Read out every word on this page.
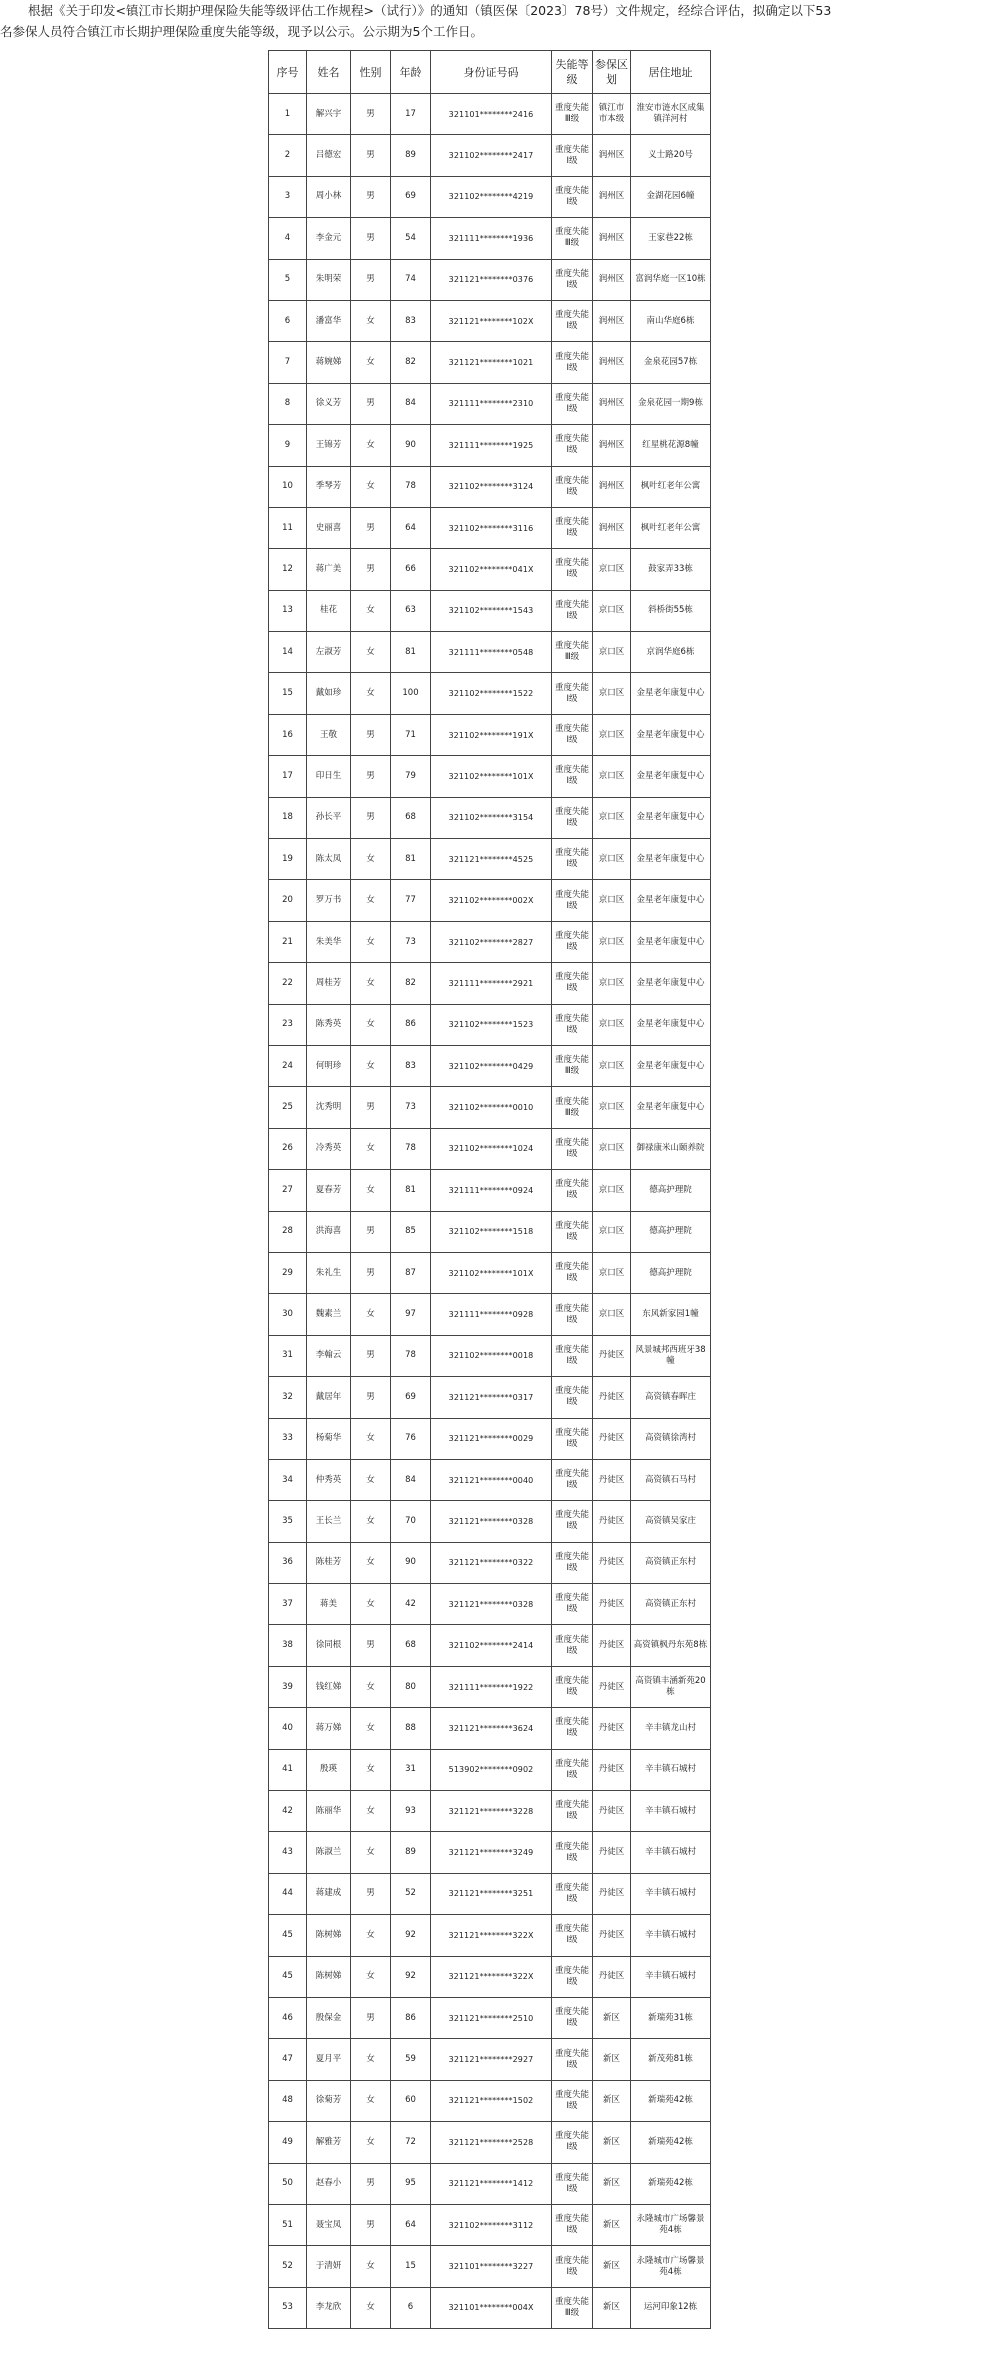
根据《关于印发<镇江市长期护理保险失能等级评估工作规程>（试行）》的通知（镇医保〔2023〕78号）文件规定，经综合评估，拟确定以下53

名参保人员符合镇江市长期护理保险重度失能等级，现予以公示。公示期为5个工作日。

序号	姓名	性别	年龄	身份证号码	失能等级	参保区划	居住地址
1	解兴宇	男	17	321101********2416	重度失能Ⅲ级	镇江市市本级	淮安市涟水区成集镇洋河村
2	吕德宏	男	89	321102********2417	重度失能Ⅰ级	润州区	义士路20号
3	周小林	男	69	321102********4219	重度失能Ⅰ级	润州区	金湖花园6幢
4	李金元	男	54	321111********1936	重度失能Ⅲ级	润州区	王家巷22栋
5	朱明荣	男	74	321121********0376	重度失能Ⅰ级	润州区	富润华庭一区10栋
6	潘富华	女	83	321121********102X	重度失能Ⅰ级	润州区	南山华庭6栋
7	蒋婉娣	女	82	321121********1021	重度失能Ⅰ级	润州区	金泉花园57栋
8	徐义芳	男	84	321111********2310	重度失能Ⅰ级	润州区	金泉花园一期9栋
9	王锦芳	女	90	321111********1925	重度失能Ⅰ级	润州区	红星桃花源8幢
10	季琴芳	女	78	321102********3124	重度失能Ⅰ级	润州区	枫叶红老年公寓
11	史丽喜	男	64	321102********3116	重度失能Ⅰ级	润州区	枫叶红老年公寓
12	蒋广美	男	66	321102********041X	重度失能Ⅰ级	京口区	鼓家弄33栋
13	桂花	女	63	321102********1543	重度失能Ⅰ级	京口区	斜桥街55栋
14	左淑芳	女	81	321111********0548	重度失能Ⅲ级	京口区	京润华庭6栋
15	戴如珍	女	100	321102********1522	重度失能Ⅰ级	京口区	金星老年康复中心
16	王敬	男	71	321102********191X	重度失能Ⅰ级	京口区	金星老年康复中心
17	印日生	男	79	321102********101X	重度失能Ⅰ级	京口区	金星老年康复中心
18	孙长平	男	68	321102********3154	重度失能Ⅰ级	京口区	金星老年康复中心
19	陈太凤	女	81	321121********4525	重度失能Ⅰ级	京口区	金星老年康复中心
20	罗万书	女	77	321102********002X	重度失能Ⅰ级	京口区	金星老年康复中心
21	朱美华	女	73	321102********2827	重度失能Ⅰ级	京口区	金星老年康复中心
22	周桂芳	女	82	321111********2921	重度失能Ⅰ级	京口区	金星老年康复中心
23	陈秀英	女	86	321102********1523	重度失能Ⅰ级	京口区	金星老年康复中心
24	何明珍	女	83	321102********0429	重度失能Ⅲ级	京口区	金星老年康复中心
25	沈秀明	男	73	321102********0010	重度失能Ⅲ级	京口区	金星老年康复中心
26	冷秀英	女	78	321102********1024	重度失能Ⅰ级	京口区	御禄康米山颐养院
27	夏春芳	女	81	321111********0924	重度失能Ⅰ级	京口区	德高护理院
28	洪海喜	男	85	321102********1518	重度失能Ⅰ级	京口区	德高护理院
29	朱礼生	男	87	321102********101X	重度失能Ⅰ级	京口区	德高护理院
30	魏素兰	女	97	321111********0928	重度失能Ⅰ级	京口区	东风新家园1幢
31	李翰云	男	78	321102********0018	重度失能Ⅰ级	丹徒区	风景城邦西班牙38幢
32	戴居年	男	69	321121********0317	重度失能Ⅰ级	丹徒区	高资镇春晖庄
33	杨菊华	女	76	321121********0029	重度失能Ⅰ级	丹徒区	高资镇徐湾村
34	仲秀英	女	84	321121********0040	重度失能Ⅰ级	丹徒区	高资镇石马村
35	王长兰	女	70	321121********0328	重度失能Ⅰ级	丹徒区	高资镇吴家庄
36	陈桂芳	女	90	321121********0322	重度失能Ⅰ级	丹徒区	高资镇正东村
37	蒋美	女	42	321121********0328	重度失能Ⅰ级	丹徒区	高资镇正东村
38	徐同根	男	68	321102********2414	重度失能Ⅰ级	丹徒区	高资镇枫丹东苑8栋
39	钱红娣	女	80	321111********1922	重度失能Ⅰ级	丹徒区	高资镇丰涵新苑20栋
40	蒋万娣	女	88	321121********3624	重度失能Ⅰ级	丹徒区	辛丰镇龙山村
41	殷瑛	女	31	513902********0902	重度失能Ⅰ级	丹徒区	辛丰镇石城村
42	陈丽华	女	93	321121********3228	重度失能Ⅰ级	丹徒区	辛丰镇石城村
43	陈淑兰	女	89	321121********3249	重度失能Ⅰ级	丹徒区	辛丰镇石城村
44	蒋建成	男	52	321121********3251	重度失能Ⅰ级	丹徒区	辛丰镇石城村
45	陈树娣	女	92	321121********322X	重度失能Ⅰ级	丹徒区	辛丰镇石城村
45	陈树娣	女	92	321121********322X	重度失能Ⅰ级	丹徒区	辛丰镇石城村
46	殷保金	男	86	321121********2510	重度失能Ⅰ级	新区	新瑞苑31栋
47	夏月平	女	59	321121********2927	重度失能Ⅰ级	新区	新茂苑81栋
48	徐菊芳	女	60	321121********1502	重度失能Ⅰ级	新区	新瑞苑42栋
49	解雅芳	女	72	321121********2528	重度失能Ⅰ级	新区	新瑞苑42栋
50	赵春小	男	95	321121********1412	重度失能Ⅰ级	新区	新瑞苑42栋
51	聂宝凤	男	64	321102********3112	重度失能Ⅰ级	新区	永隆城市广场馨景苑4栋
52	于清妍	女	15	321101********3227	重度失能Ⅰ级	新区	永隆城市广场馨景苑4栋
53	李龙欣	女	6	321101********004X	重度失能Ⅲ级	新区	运河印象12栋
